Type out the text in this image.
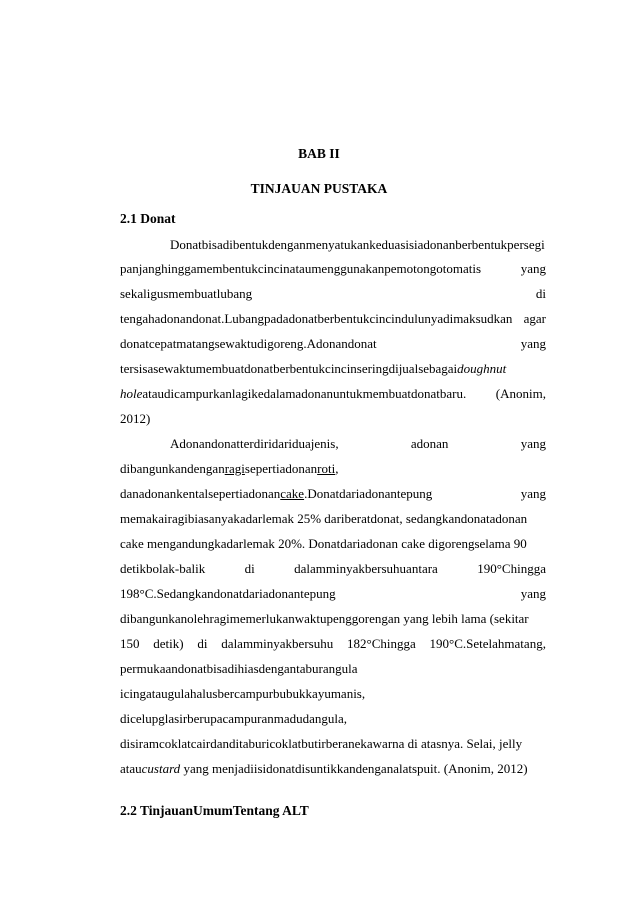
BAB II
TINJAUAN PUSTAKA
2.1 Donat
Donatbisadibentukdenganmenyatukankeduasisiadonanberbentukpersegi
panjanghinggamembentukcincinataumenggunakanpemotongotomatis	yang
sekaligusmembuatlubang	di
tengahadonandonat.Lubangpadadonatberbentukcincindulunyadimaksudkan agar
donatcepatmatangsewaktudigoreng.Adonandonat	yang
tersisasewaktumembuatdonatberbentukcincinseringdijualsebagaidoughnut
holeataudicampurkanlagikedalamadonanuntukmembuatdonatbaru. (Anonim,
2012)
Adonandonatterdiridariduajenis,	adonan	yang
dibangunkandenganragisepertiadonanroti,
danadonankentalsepertiadonancake.Donatdariadonantepung	yang
memakairagibiasanyakadarlemak 25% dariberatdonat, sedangkandonatadonan
cake mengandungkadarlemak 20%. Donatdariadonan cake digorengselama 90
detikbolak-balik	di	dalamminyakbersuhuantara	190°Chingga
198°C.Sedangkandonatdariadonantepung	yang
dibangunkanolehragimemerlukanwaktupenggorengan yang lebih lama (sekitar
150 detik) di dalamminyakbersuhu 182°Chingga 190°C.Setelahmatang,
permukaandonatbisadihiasdengantaburangula
icingataugulahalusbercampurbubukkayumanis,
dicelupglasirberupacampuranmadudangula,
disiramcoklatcairdanditaburicoklatbutirberanekawarna di atasnya. Selai, jelly
ataucustard yang menjadiisidonatdisuntikkandenganalatspuit. (Anonim, 2012)
2.2 TinjauanUmumTentang ALT
